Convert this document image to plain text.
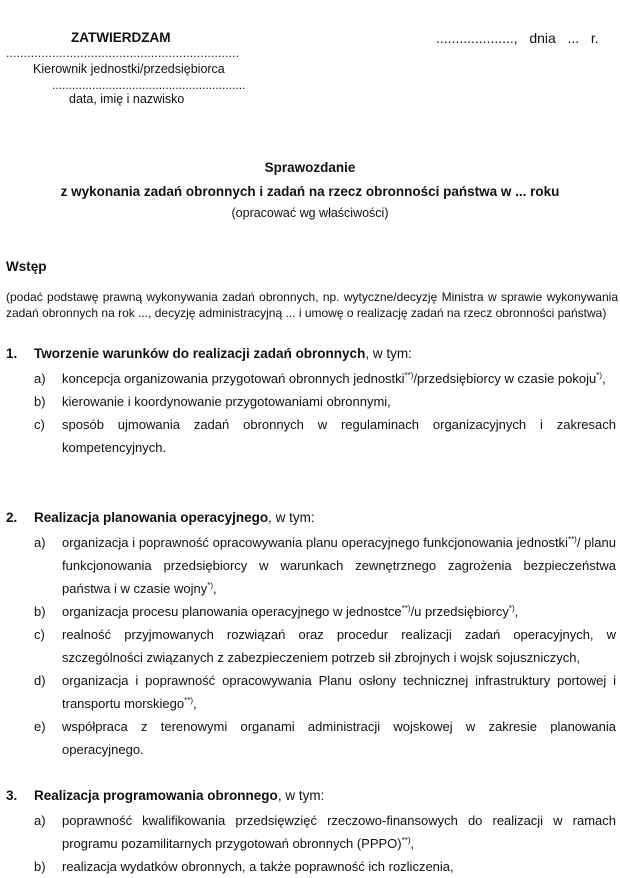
ZATWIERDZAM

..................................................................

Kierownik jednostki/przedsiębiorca

..........................................................

data, imię i nazwisko

....................,   dnia   ...   r.

Sprawozdanie

z wykonania zadań obronnych i zadań na rzecz obronności państwa w ... roku

(opracować wg właściwości)

Wstęp

(podać podstawę prawną wykonywania zadań obronnych, np. wytyczne/decyzję Ministra w sprawie wykonywania zadań obronnych na rok ..., decyzję administracyjną ... i umowę o realizację zadań na rzecz obronności państwa)

1. Tworzenie warunków do realizacji zadań obronnych, w tym:
a) koncepcja organizowania przygotowań obronnych jednostki**)/przedsiębiorcy w czasie pokoju*),
b) kierowanie i koordynowanie przygotowaniami obronnymi,
c) sposób ujmowania zadań obronnych w regulaminach organizacyjnych i zakresach kompetencyjnych.
2. Realizacja planowania operacyjnego, w tym:
a) organizacja i poprawność opracowywania planu operacyjnego funkcjonowania jednostki**)/ planu funkcjonowania przedsiębiorcy w warunkach zewnętrznego zagrożenia bezpieczeństwa państwa i w czasie wojny*),
b) organizacja procesu planowania operacyjnego w jednostce**)/u przedsiębiorcy*),
c) realność przyjmowanych rozwiązań oraz procedur realizacji zadań operacyjnych, w szczególności związanych z zabezpieczeniem potrzeb sił zbrojnych i wojsk sojuszniczych,
d) organizacja i poprawność opracowywania Planu osłony technicznej infrastruktury portowej i transportu morskiego**),
e) współpraca z terenowymi organami administracji wojskowej w zakresie planowania operacyjnego.
3. Realizacja programowania obronnego, w tym:
a) poprawność kwalifikowania przedsięwzięć rzeczowo-finansowych do realizacji w ramach programu pozamilitarnych przygotowań obronnych (PPPO)**),
b) realizacja wydatków obronnych, a także poprawność ich rozliczenia,
